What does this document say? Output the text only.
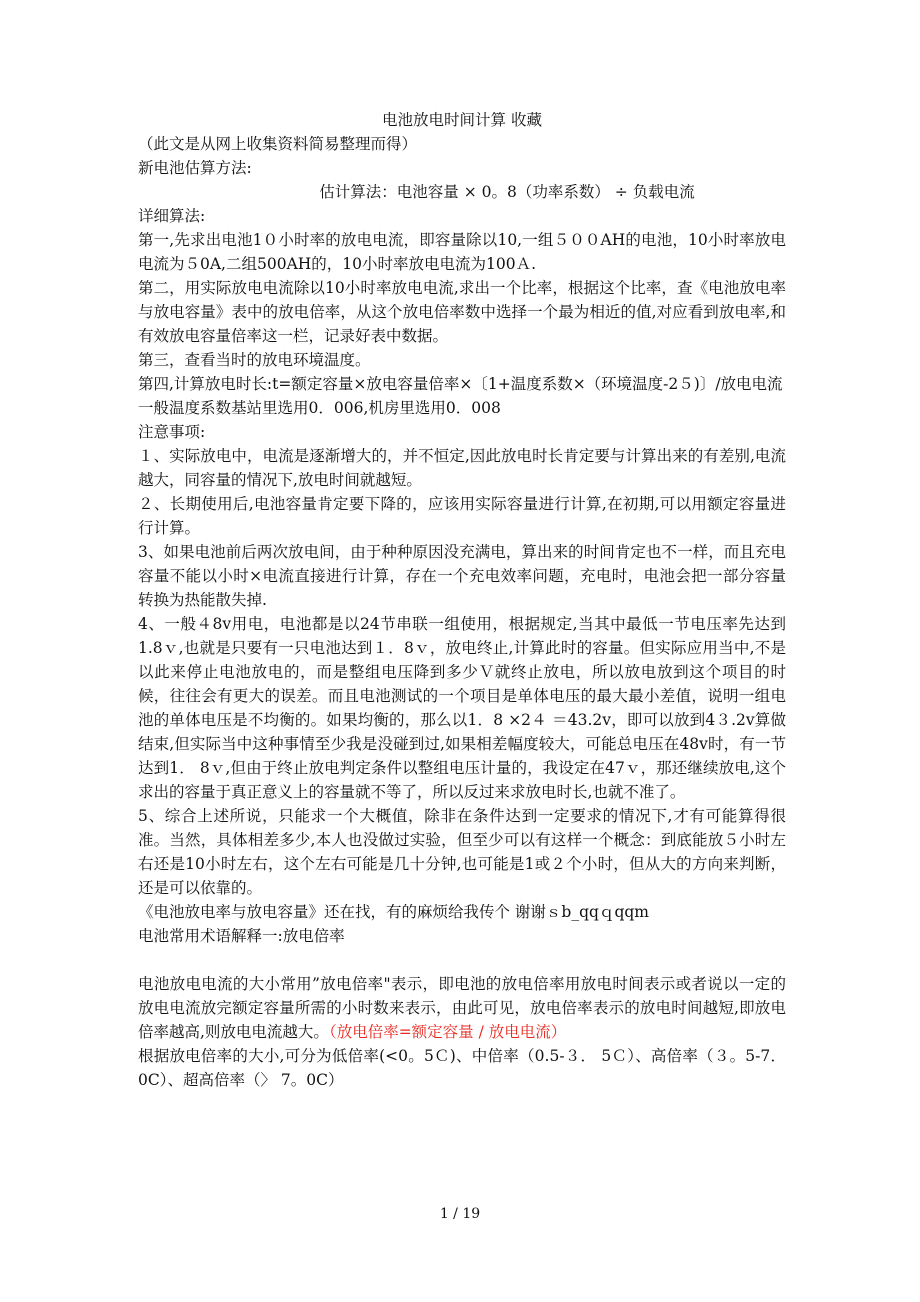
电池放电时间计算 收藏

（此文是从网上收集资料简易整理而得）

新电池估算方法:

估计算法：电池容量 × 0。8（功率系数） ÷ 负载电流

详细算法:

第一,先求出电池1０小时率的放电电流，即容量除以10,一组５００AH的电池，10小时率放电电流为５0A,二组500AH的，10小时率放电电流为100Ａ.

第二，用实际放电电流除以10小时率放电电流,求出一个比率，根据这个比率，查《电池放电率与放电容量》表中的放电倍率，从这个放电倍率数中选择一个最为相近的值,对应看到放电率,和有效放电容量倍率这一栏，记录好表中数据。

第三，查看当时的放电环境温度。

第四,计算放电时长:t=额定容量×放电容量倍率×〔1+温度系数×（环境温度-2５)〕/放电电流

一般温度系数基站里选用0．006,机房里选用0．008

注意事项:

１、实际放电中，电流是逐渐增大的，并不恒定,因此放电时长肯定要与计算出来的有差别,电流越大，同容量的情况下,放电时间就越短。

２、长期使用后,电池容量肯定要下降的，应该用实际容量进行计算,在初期,可以用额定容量进行计算。

3、如果电池前后两次放电间，由于种种原因没充满电，算出来的时间肯定也不一样，而且充电容量不能以小时×电流直接进行计算，存在一个充电效率问题，充电时，电池会把一部分容量转换为热能散失掉.

4、一般４8v用电，电池都是以24节串联一组使用，根据规定,当其中最低一节电压率先达到1.8ｖ,也就是只要有一只电池达到１．8ｖ，放电终止,计算此时的容量。但实际应用当中,不是以此来停止电池放电的，而是整组电压降到多少Ｖ就终止放电，所以放电放到这个项目的时候，往往会有更大的误差。而且电池测试的一个项目是单体电压的最大最小差值，说明一组电池的单体电压是不均衡的。如果均衡的，那么以1．8 ×2４ ＝43.2v，即可以放到4３.2v算做结束,但实际当中这种事情至少我是没碰到过,如果相差幅度较大，可能总电压在48v时，有一节达到1． 8ｖ,但由于终止放电判定条件以整组电压计量的，我设定在47ｖ，那还继续放电,这个求出的容量于真正意义上的容量就不等了，所以反过来求放电时长,也就不准了。

5、综合上述所说，只能求一个大概值，除非在条件达到一定要求的情况下,才有可能算得很准。当然，具体相差多少,本人也没做过实验，但至少可以有这样一个概念：到底能放５小时左右还是10小时左右，这个左右可能是几十分钟,也可能是1或２个小时，但从大的方向来判断，还是可以依靠的。

《电池放电率与放电容量》还在找，有的麻烦给我传个 谢谢ｓb_qqｑqqm

电池常用术语解释一:放电倍率

电池放电电流的大小常用”放电倍率"表示，即电池的放电倍率用放电时间表示或者说以一定的放电电流放完额定容量所需的小时数来表示，由此可见，放电倍率表示的放电时间越短,即放电倍率越高,则放电电流越大。（放电倍率=额定容量 / 放电电流）

根据放电倍率的大小,可分为低倍率(<0。5Ｃ)、中倍率（0.5-３． 5Ｃ）、高倍率（３。5-7．0C）、超高倍率（〉 7。0C）

1 / 19
